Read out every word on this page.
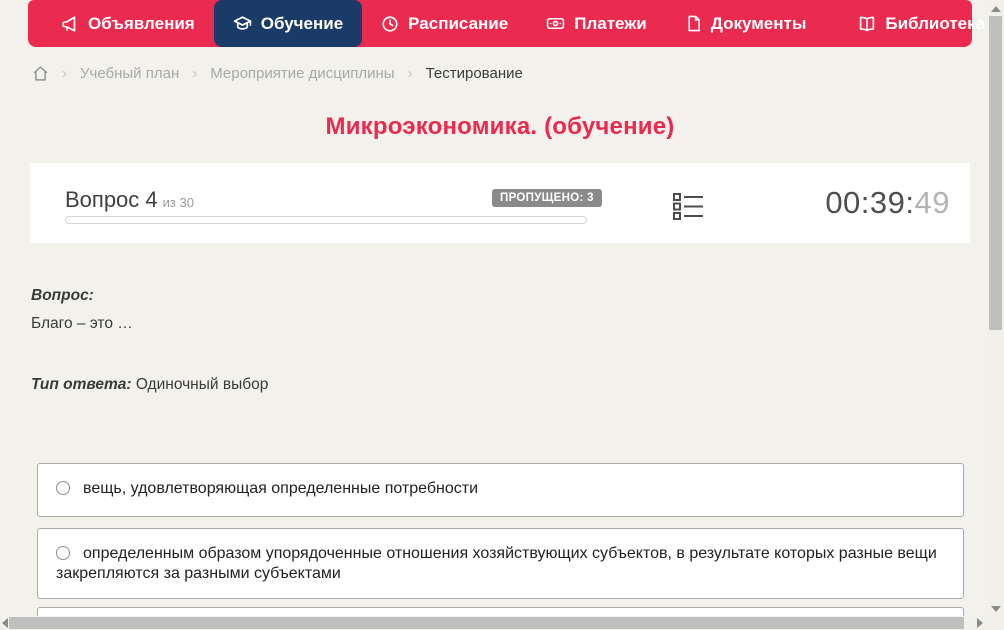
Объявления	Обучение	Расписание	Платежи	Документы	Библиотека
› Учебный план › Мероприятие дисциплины › Тестирование
Микроэкономика. (обучение)
Вопрос 4 из 30	ПРОПУЩЕНО: 3	00:39:49
Вопрос:
Благо – это …
Тип ответа: Одиночный выбор
вещь, удовлетворяющая определенные потребности
определенным образом упорядоченные отношения хозяйствующих субъектов, в результате которых разные вещи закрепляются за разными субъектами
